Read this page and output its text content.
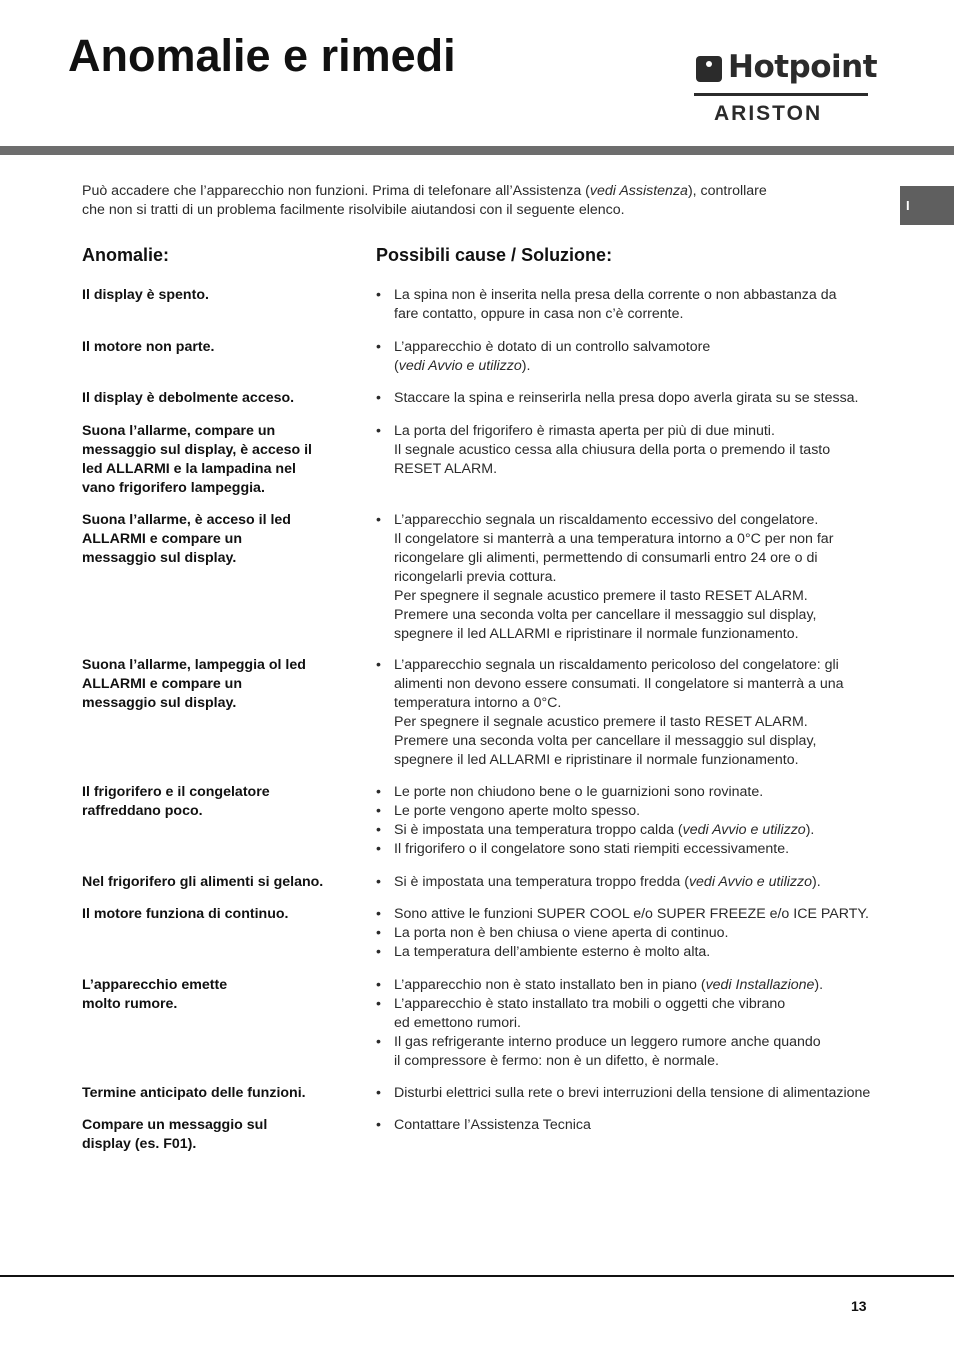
Anomalie e rimedi	Hotpoint
ARISTON
I

Può accadere che l’apparecchio non funzioni. Prima di telefonare all’Assistenza (vedi Assistenza), controllare
che non si tratti di un problema facilmente risolvibile aiutandosi con il seguente elenco.

Anomalie:	Possibili cause / Soluzione:
Il display è spento.	• La spina non è inserita nella presa della corrente o non abbastanza da
fare contatto, oppure in casa non c’è corrente.
Il motore non parte.	• L’apparecchio è dotato di un controllo salvamotore
(vedi Avvio e utilizzo).
Il display è debolmente acceso.	• Staccare la spina e reinserirla nella presa dopo averla girata su se stessa.
Suona l’allarme, compare un
messaggio sul display, è acceso il
led ALLARMI e la lampadina nel
vano frigorifero lampeggia.
• La porta del frigorifero è rimasta aperta per più di due minuti.
Il segnale acustico cessa alla chiusura della porta o premendo il tasto
RESET ALARM.
Suona l’allarme, è acceso il led
ALLARMI e compare un
messaggio sul display.
• L’apparecchio segnala un riscaldamento eccessivo del congelatore.
Il congelatore si manterrà a una temperatura intorno a 0°C per non far
ricongelare gli alimenti, permettendo di consumarli entro 24 ore o di
ricongelarli previa cottura.
Per spegnere il segnale acustico premere il tasto RESET ALARM.
Premere una seconda volta per cancellare il messaggio sul display,
spegnere il led ALLARMI e ripristinare il normale funzionamento.
Suona l’allarme, lampeggia ol led
ALLARMI e compare un
messaggio sul display.
• L’apparecchio segnala un riscaldamento pericoloso del congelatore: gli
alimenti non devono essere consumati. Il congelatore si manterrà a una
temperatura intorno a 0°C.
Per spegnere il segnale acustico premere il tasto RESET ALARM.
Premere una seconda volta per cancellare il messaggio sul display,
spegnere il led ALLARMI e ripristinare il normale funzionamento.
Il frigorifero e il congelatore
raffreddano poco.
• Le porte non chiudono bene o le guarnizioni sono rovinate.
• Le porte vengono aperte molto spesso.
• Si è impostata una temperatura troppo calda (vedi Avvio e utilizzo).
• Il frigorifero o il congelatore sono stati riempiti eccessivamente.
Nel frigorifero gli alimenti si gelano.	• Si è impostata una temperatura troppo fredda (vedi Avvio e utilizzo).
Il motore funziona di continuo.	• Sono attive le funzioni SUPER COOL e/o SUPER FREEZE e/o ICE PARTY.
• La porta non è ben chiusa o viene aperta di continuo.
• La temperatura dell’ambiente esterno è molto alta.
L’apparecchio emette
molto rumore.
• L’apparecchio non è stato installato ben in piano (vedi Installazione).
• L’apparecchio è stato installato tra mobili o oggetti che vibrano
ed emettono rumori.
• Il gas refrigerante interno produce un leggero rumore anche quando
il compressore è fermo: non è un difetto, è normale.
Termine anticipato delle funzioni.	• Disturbi elettrici sulla rete o brevi interruzioni della tensione di alimentazione
Compare un messaggio sul
display (es. F01).
• Contattare l’Assistenza Tecnica
13
